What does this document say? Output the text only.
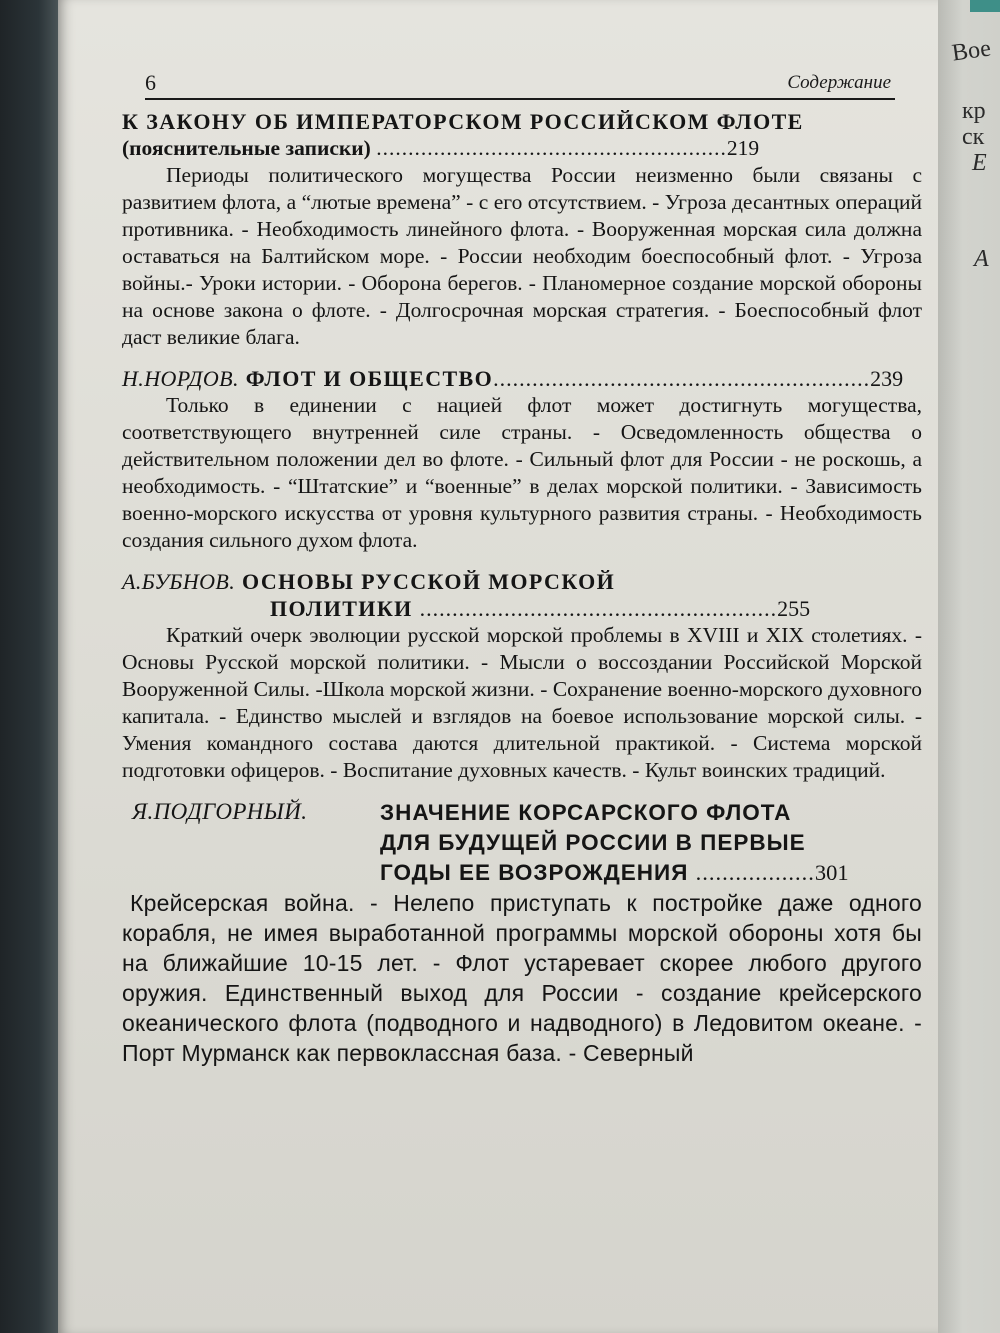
Вое
кр
ск
Е
А
6	Содержание
К ЗАКОНУ ОБ ИМПЕРАТОРСКОМ РОССИЙСКОМ ФЛОТЕ
(пояснительные записки) .......................................................219

Периоды политического могущества России неизменно были связаны с развитием флота, а “лютые времена” - с его отсутствием. - Угроза десантных операций противника. - Необходимость линейного флота. - Вооруженная морская сила должна оставаться на Балтийском море. - России необходим боеспособный флот. - Угроза войны.- Уроки истории. - Оборона берегов. - Планомерное создание морской обороны на основе закона о флоте. - Долгосрочная морская стратегия. - Боеспособный флот даст великие блага.

Н.НОРДОВ. ФЛОТ И ОБЩЕСТВО..........................................................239

Только в единении с нацией флот может достигнуть могущества, соответствующего внутренней силе страны. - Осведомленность общества о действительном положении дел во флоте. - Сильный флот для России - не роскошь, а необходимость. - “Штатские” и “военные” в делах морской политики. - Зависимость военно-морского искусства от уровня культурного развития страны. - Необходимость создания сильного духом флота.

А.БУБНОВ. ОСНОВЫ РУССКОЙ МОРСКОЙ
ПОЛИТИКИ .......................................................255

Краткий очерк эволюции русской морской проблемы в XVIII и XIX столетиях. - Основы Русской морской политики. - Мысли о воссоздании Российской Морской Вооруженной Силы. -Школа морской жизни. - Сохранение военно-морского духовного капитала. - Единство мыслей и взглядов на боевое использование морской силы. - Умения командного состава даются длительной практикой. - Система морской подготовки офицеров. - Воспитание духовных качеств. - Культ воинских традиций.

Я.ПОДГОРНЫЙ.	ЗНАЧЕНИЕ КОРСАРСКОГО ФЛОТА
ДЛЯ БУДУЩЕЙ РОССИИ В ПЕРВЫЕ
ГОДЫ ЕЕ ВОЗРОЖДЕНИЯ ..................301

Крейсерская война. - Нелепо приступать к постройке даже одного корабля, не имея выработанной программы морской обороны хотя бы на ближайшие 10-15 лет. - Флот устаревает скорее любого другого оружия. Единственный выход для России - создание крейсерского океанического флота (подводного и надводного) в Ледовитом океане. - Порт Мурманск как первоклассная база. - Северный
